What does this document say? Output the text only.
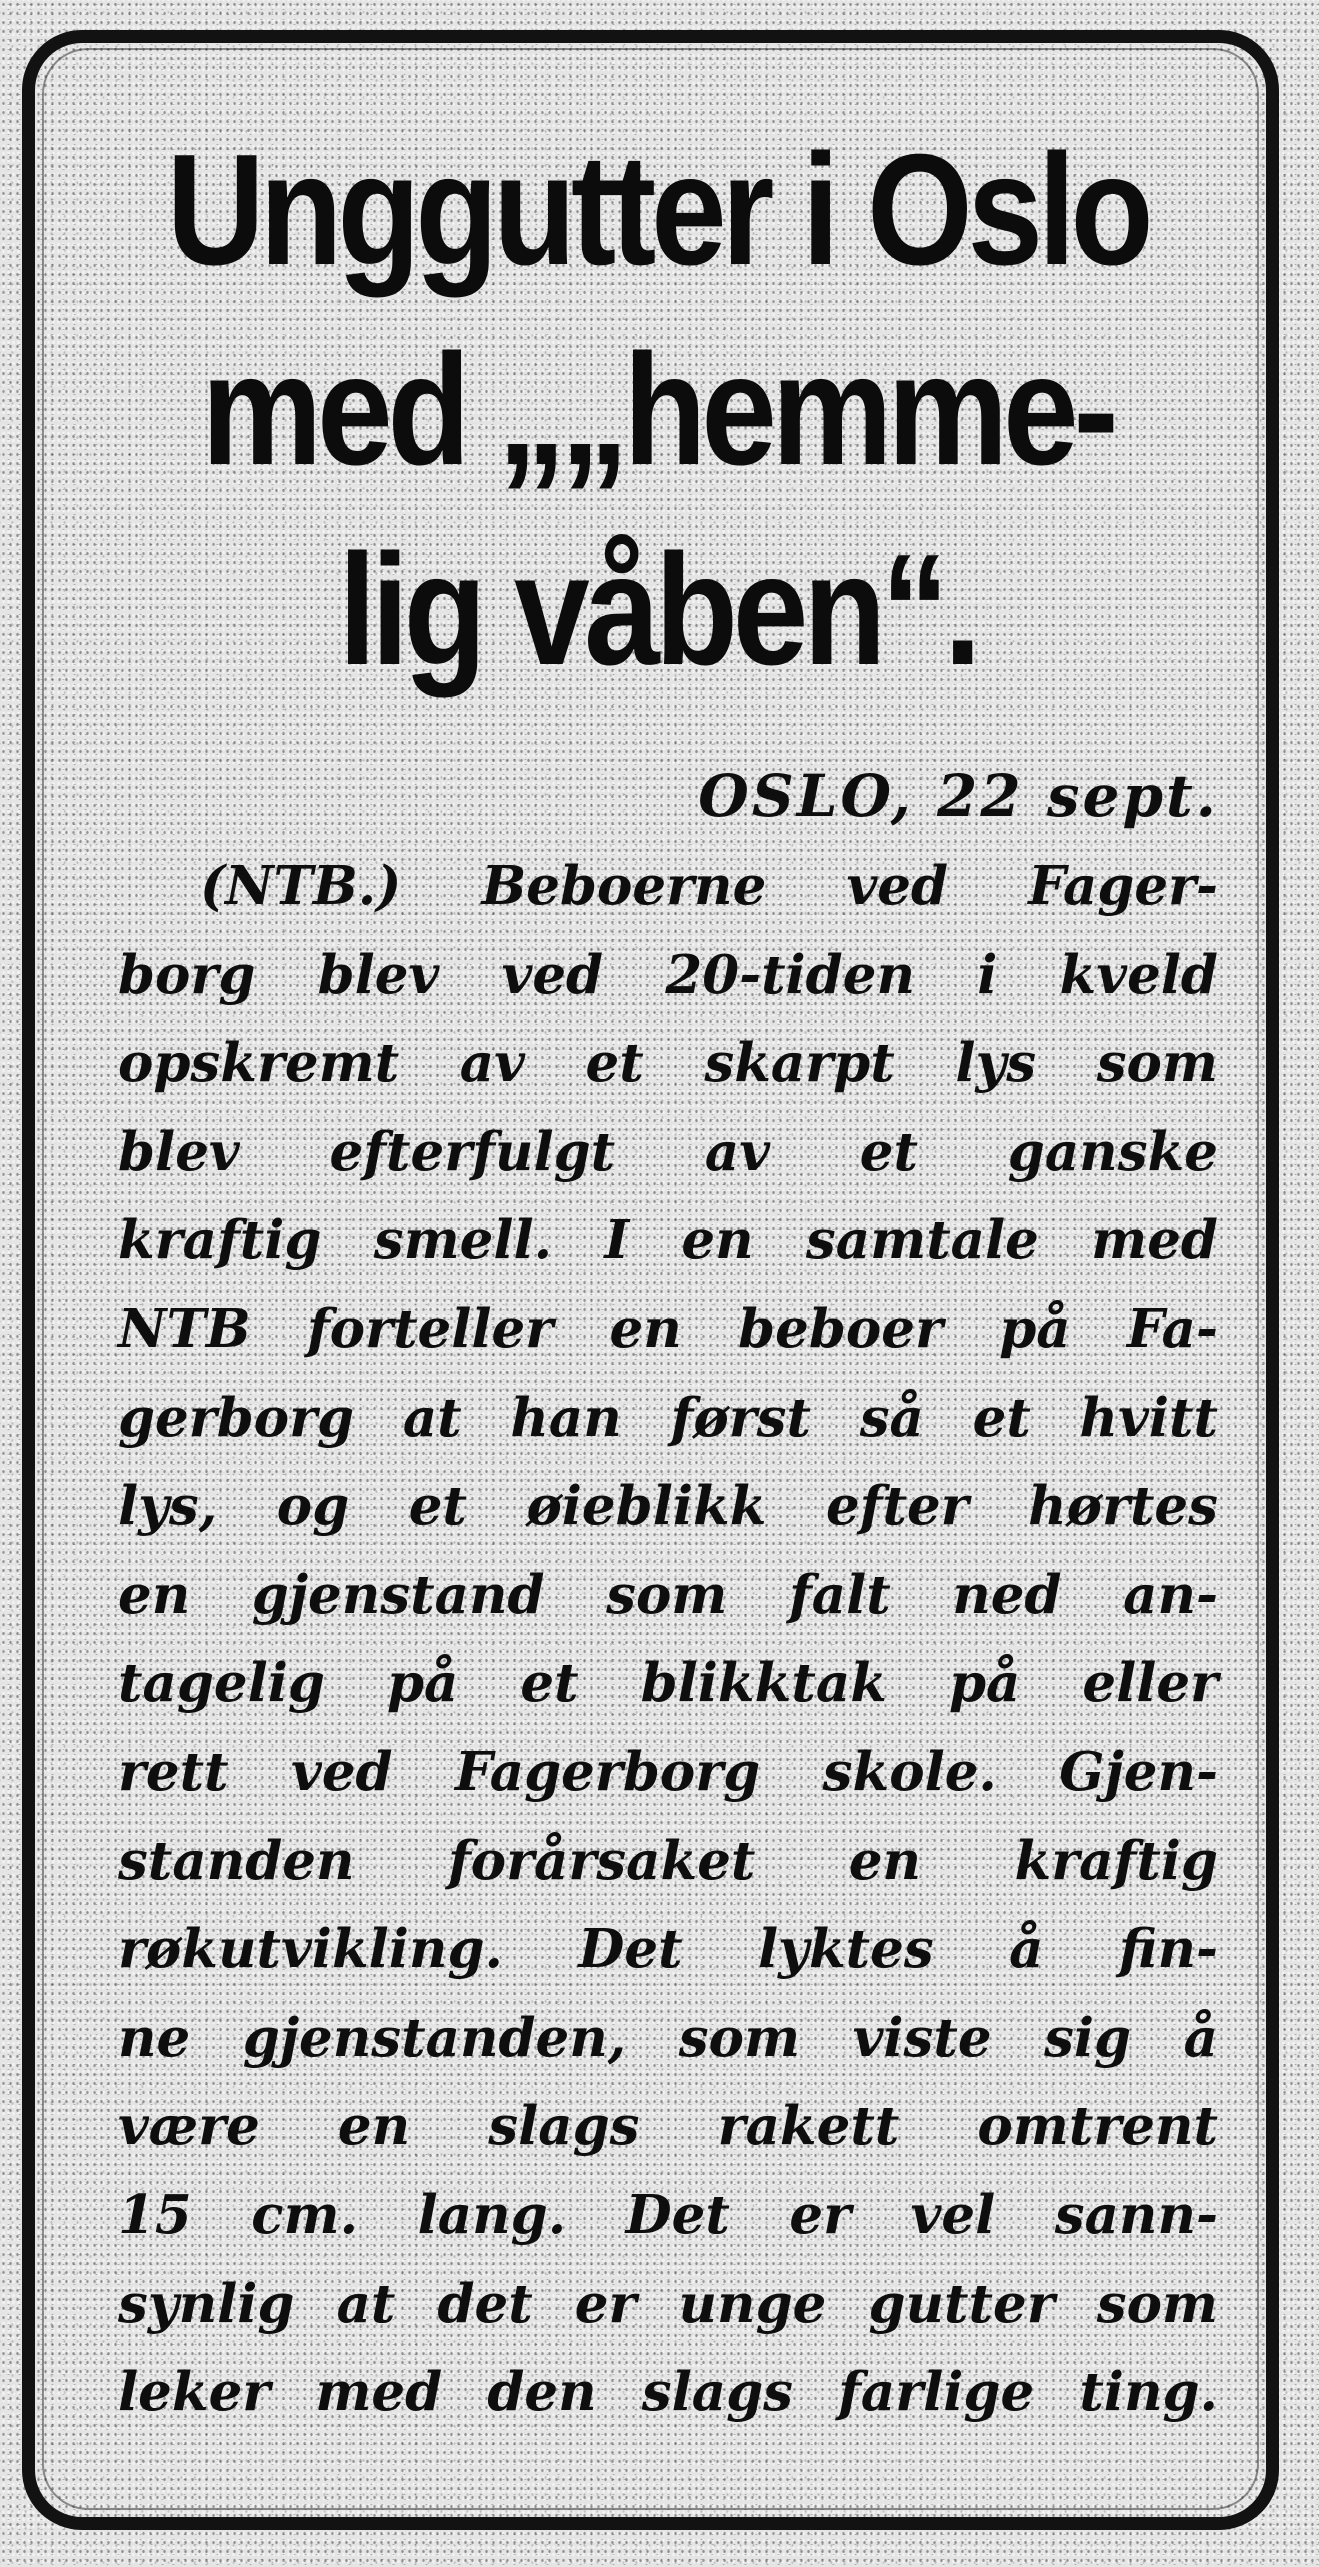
Unggutter i Oslo
med „„hemme-
lig våben“.
OSLO, 22 sept.
(NTB.) Beboerne ved Fager-
borg blev ved 20-tiden i kveld
opskremt av et skarpt lys som
blev efterfulgt av et ganske
kraftig smell. I en samtale med
NTB forteller en beboer på Fa-
gerborg at han først så et hvitt
lys, og et øieblikk efter hørtes
en gjenstand som falt ned an-
tagelig på et blikktak på eller
rett ved Fagerborg skole. Gjen-
standen forårsaket en kraftig
røkutvikling. Det lyktes å fin-
ne gjenstanden, som viste sig å
være en slags rakett omtrent
15 cm. lang. Det er vel sann-
synlig at det er unge gutter som
leker med den slags farlige ting.
